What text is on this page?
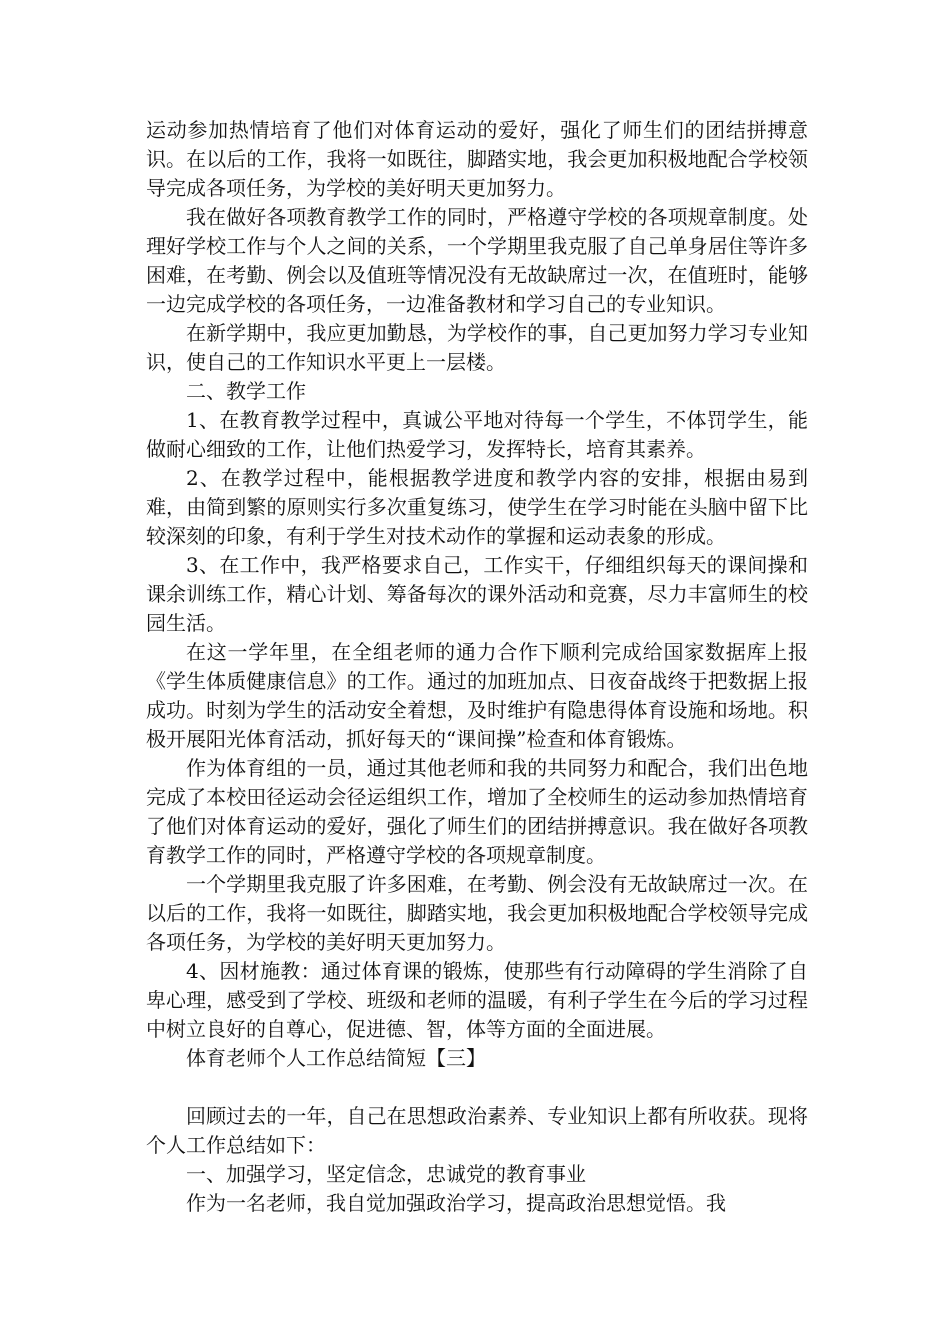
运动参加热情培育了他们对体育运动的爱好，强化了师生们的团结拼搏意识。在以后的工作，我将一如既往，脚踏实地，我会更加积极地配合学校领导完成各项任务，为学校的美好明天更加努力。

我在做好各项教育教学工作的同时，严格遵守学校的各项规章制度。处理好学校工作与个人之间的关系，一个学期里我克服了自己单身居住等许多困难，在考勤、例会以及值班等情况没有无故缺席过一次，在值班时，能够一边完成学校的各项任务，一边准备教材和学习自己的专业知识。

在新学期中，我应更加勤恳，为学校作的事，自己更加努力学习专业知识，使自己的工作知识水平更上一层楼。

二、教学工作

1、在教育教学过程中，真诚公平地对待每一个学生，不体罚学生，能做耐心细致的工作，让他们热爱学习，发挥特长，培育其素养。

2、在教学过程中，能根据教学进度和教学内容的安排，根据由易到难，由简到繁的原则实行多次重复练习，使学生在学习时能在头脑中留下比较深刻的印象，有利于学生对技术动作的掌握和运动表象的形成。

3、在工作中，我严格要求自己，工作实干，仔细组织每天的课间操和课余训练工作，精心计划、筹备每次的课外活动和竞赛，尽力丰富师生的校园生活。

在这一学年里，在全组老师的通力合作下顺利完成给国家数据库上报《学生体质健康信息》的工作。通过的加班加点、日夜奋战终于把数据上报成功。时刻为学生的活动安全着想，及时维护有隐患得体育设施和场地。积极开展阳光体育活动，抓好每天的“课间操”检查和体育锻炼。

作为体育组的一员，通过其他老师和我的共同努力和配合，我们出色地完成了本校田径运动会径运组织工作，增加了全校师生的运动参加热情培育了他们对体育运动的爱好，强化了师生们的团结拼搏意识。我在做好各项教育教学工作的同时，严格遵守学校的各项规章制度。

一个学期里我克服了许多困难，在考勤、例会没有无故缺席过一次。在以后的工作，我将一如既往，脚踏实地，我会更加积极地配合学校领导完成各项任务，为学校的美好明天更加努力。

4、因材施教：通过体育课的锻炼，使那些有行动障碍的学生消除了自卑心理，感受到了学校、班级和老师的温暖，有利子学生在今后的学习过程中树立良好的自尊心，促进德、智，体等方面的全面进展。

体育老师个人工作总结简短【三】

回顾过去的一年，自己在思想政治素养、专业知识上都有所收获。现将个人工作总结如下：

一、加强学习，坚定信念，忠诚党的教育事业

作为一名老师，我自觉加强政治学习，提高政治思想觉悟。我
